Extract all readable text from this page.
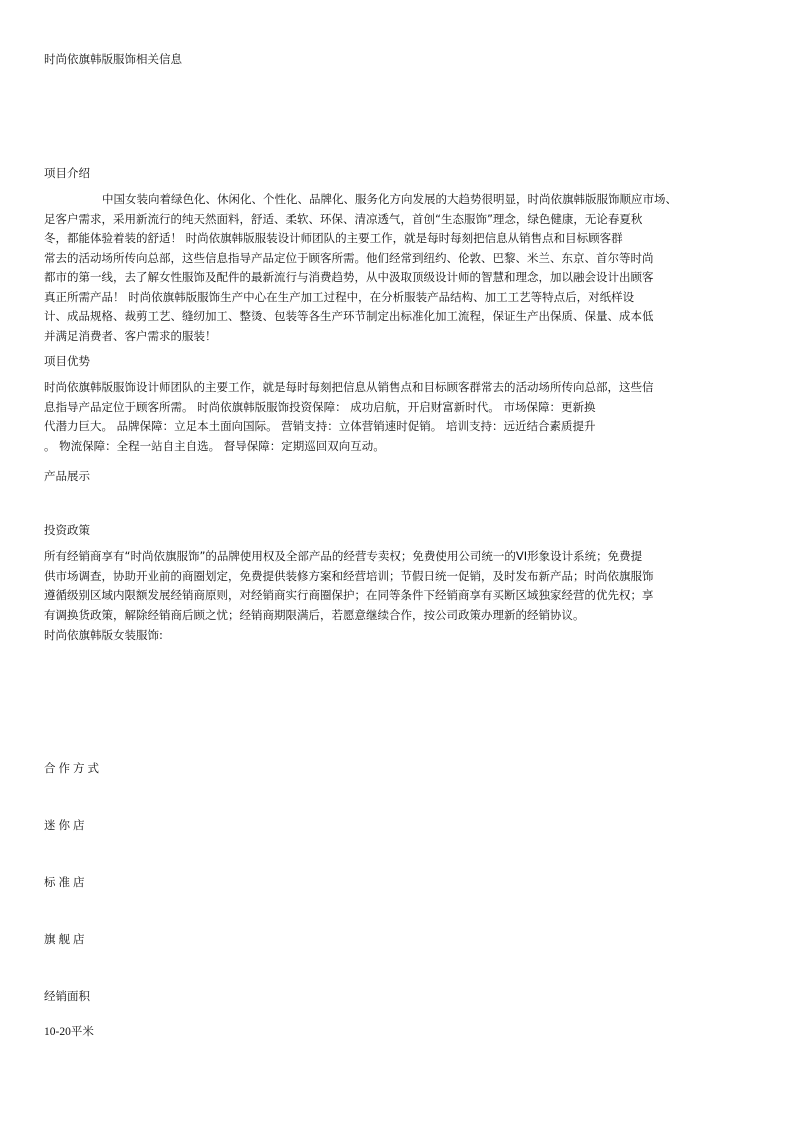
时尚依旗韩版服饰相关信息
项目介绍
中国女装向着绿色化、休闲化、个性化、品牌化、服务化方向发展的大趋势很明显，时尚依旗韩版服饰顺应市场、
足客户需求，采用新流行的纯天然面料，舒适、柔软、环保、清凉透气，首创“生态服饰”理念，绿色健康，无论春夏秋
冬，都能体验着装的舒适！ 时尚依旗韩版服装设计师团队的主要工作，就是每时每刻把信息从销售点和目标顾客群
常去的活动场所传向总部，这些信息指导产品定位于顾客所需。他们经常到纽约、伦敦、巴黎、米兰、东京、首尔等时尚
都市的第一线，去了解女性服饰及配件的最新流行与消费趋势，从中汲取顶级设计师的智慧和理念，加以融会设计出顾客
真正所需产品！ 时尚依旗韩版服饰生产中心在生产加工过程中，在分析服装产品结构、加工工艺等特点后，对纸样设
计、成品规格、裁剪工艺、缝纫加工、整烫、包装等各生产环节制定出标准化加工流程，保证生产出保质、保量、成本低
并满足消费者、客户需求的服装！
项目优势
时尚依旗韩版服饰设计师团队的主要工作，就是每时每刻把信息从销售点和目标顾客群常去的活动场所传向总部，这些信
息指导产品定位于顾客所需。 时尚依旗韩版服饰投资保障： 成功启航，开启财富新时代。 市场保障：更新换
代潜力巨大。 品牌保障：立足本土面向国际。 营销支持：立体营销速时促销。 培训支持：远近结合素质提升
。 物流保障：全程一站自主自选。 督导保障：定期巡回双向互动。
产品展示
投资政策
所有经销商享有“时尚依旗服饰”的品牌使用权及全部产品的经营专卖权；免费使用公司统一的VI形象设计系统；免费提
供市场调查，协助开业前的商圈划定，免费提供装修方案和经营培训；节假日统一促销，及时发布新产品；时尚依旗服饰
遵循级别区域内限额发展经销商原则，对经销商实行商圈保护；在同等条件下经销商享有买断区域独家经营的优先权；享
有调换货政策，解除经销商后顾之忧；经销商期限满后，若愿意继续合作，按公司政策办理新的经销协议。
时尚依旗韩版女装服饰:
合作方式
迷你店
标准店
旗舰店
经销面积
10-20平米
